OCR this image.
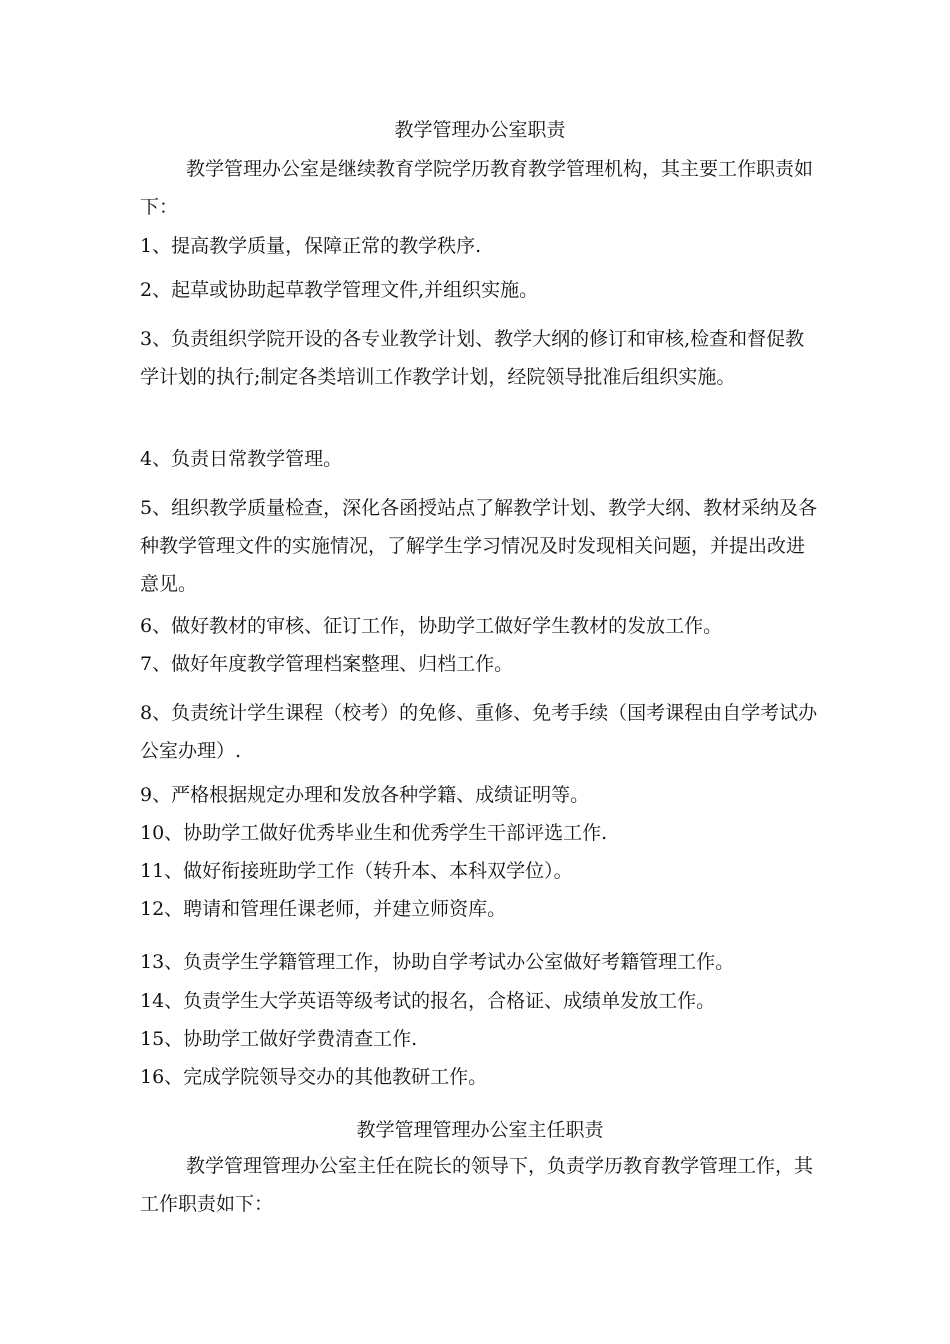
教学管理办公室职责

教学管理办公室是继续教育学院学历教育教学管理机构，其主要工作职责如下：

1、提高教学质量，保障正常的教学秩序.

2、起草或协助起草教学管理文件,并组织实施。

3、负责组织学院开设的各专业教学计划、教学大纲的修订和审核,检查和督促教学计划的执行;制定各类培训工作教学计划，经院领导批准后组织实施。

4、负责日常教学管理。

5、组织教学质量检查，深化各函授站点了解教学计划、教学大纲、教材采纳及各种教学管理文件的实施情况，了解学生学习情况及时发现相关问题，并提出改进意见。

6、做好教材的审核、征订工作，协助学工做好学生教材的发放工作。

7、做好年度教学管理档案整理、归档工作。

8、负责统计学生课程（校考）的免修、重修、免考手续（国考课程由自学考试办公室办理）.

9、严格根据规定办理和发放各种学籍、成绩证明等。

10、协助学工做好优秀毕业生和优秀学生干部评选工作.

11、做好衔接班助学工作（转升本、本科双学位）。

12、聘请和管理任课老师，并建立师资库。

13、负责学生学籍管理工作，协助自学考试办公室做好考籍管理工作。

14、负责学生大学英语等级考试的报名，合格证、成绩单发放工作。

15、协助学工做好学费清查工作.

16、完成学院领导交办的其他教研工作。

教学管理管理办公室主任职责

教学管理管理办公室主任在院长的领导下，负责学历教育教学管理工作，其工作职责如下：
